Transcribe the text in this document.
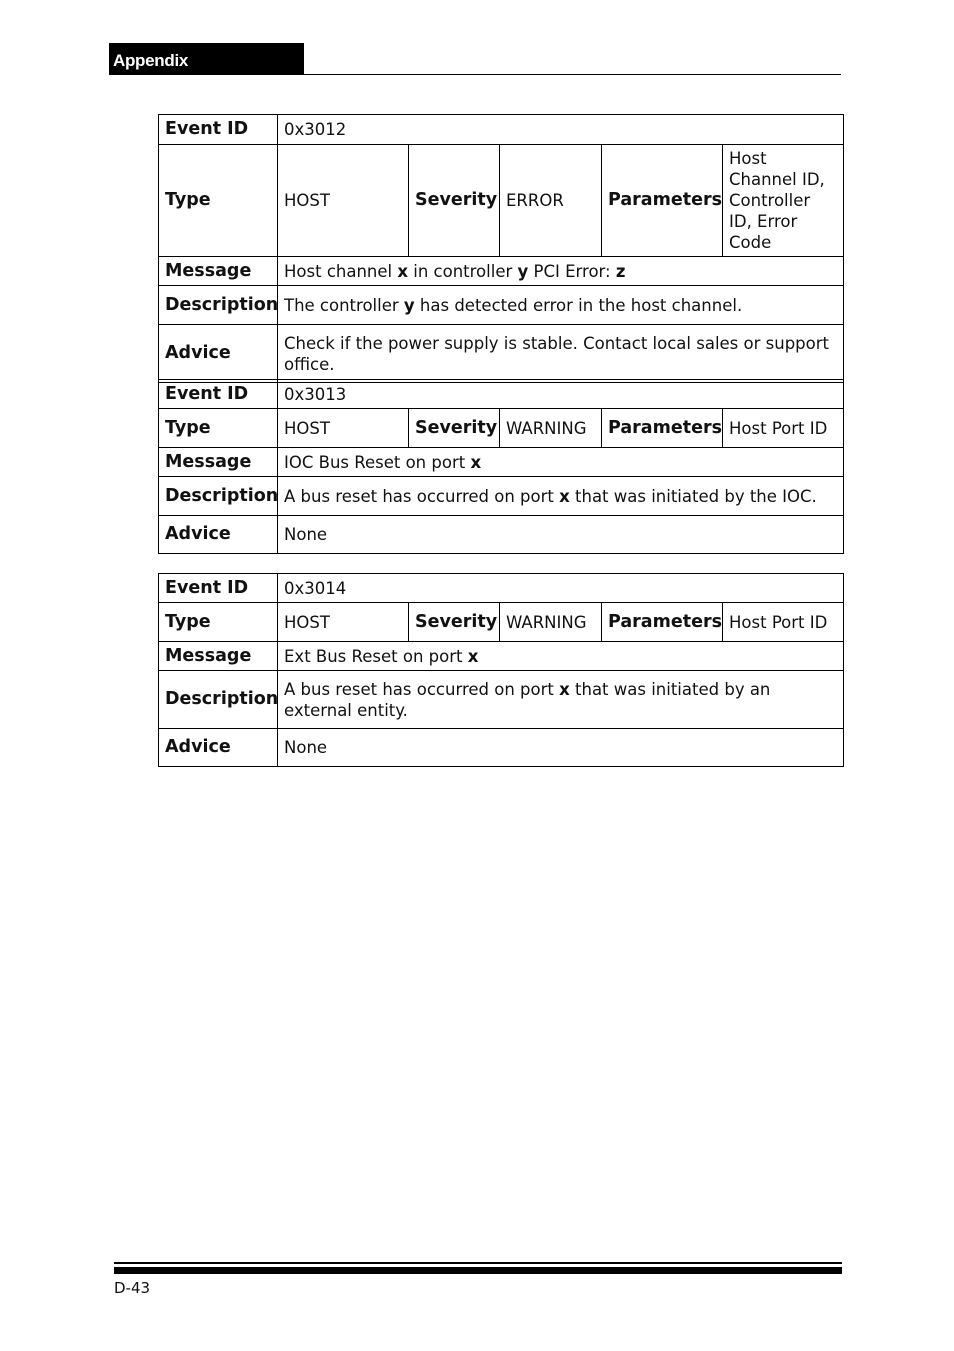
Appendix
Event ID	0x3012				
Type	HOST	Severity	ERROR	Parameters	Host Channel ID, Controller ID, Error Code
Message	Host channel x in controller y PCI Error: z				
Description	The controller y has detected error in the host channel.				
Advice	Check if the power supply is stable. Contact local sales or support office.				
Event ID	0x3013				
Type	HOST	Severity	WARNING	Parameters	Host Port ID
Message	IOC Bus Reset on port x				
Description	A bus reset has occurred on port x that was initiated by the IOC.				
Advice	None				
Event ID	0x3014				
Type	HOST	Severity	WARNING	Parameters	Host Port ID
Message	Ext Bus Reset on port x				
Description	A bus reset has occurred on port x that was initiated by an external entity.				
Advice	None				
D-43
